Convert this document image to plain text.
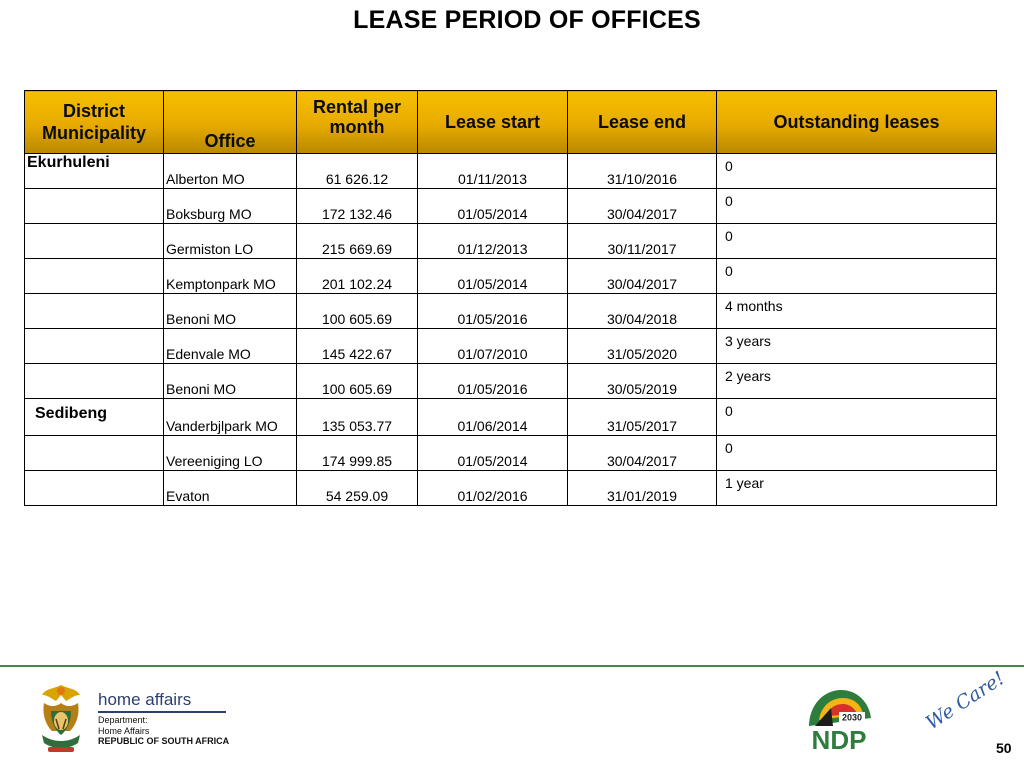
LEASE PERIOD OF OFFICES
District Municipality	Office	Rental per month	Lease start	Lease end	Outstanding leases
Ekurhuleni	Alberton MO	61 626.12	01/11/2013	31/10/2016	0
	Boksburg MO	172 132.46	01/05/2014	30/04/2017	0
	Germiston LO	215 669.69	01/12/2013	30/11/2017	0
	Kemptonpark MO	201 102.24	01/05/2014	30/04/2017	0
	Benoni MO	100 605.69	01/05/2016	30/04/2018	4 months
	Edenvale MO	145 422.67	01/07/2010	31/05/2020	3 years
	Benoni MO	100 605.69	01/05/2016	30/05/2019	2 years
Sedibeng	Vanderbjlpark MO	135 053.77	01/06/2014	31/05/2017	0
	Vereeniging LO	174 999.85	01/05/2014	30/04/2017	0
	Evaton	54 259.09	01/02/2016	31/01/2019	1 year
home affairs
Department:
Home Affairs
REPUBLIC OF SOUTH AFRICA
2030
NDP
We Care!
50
